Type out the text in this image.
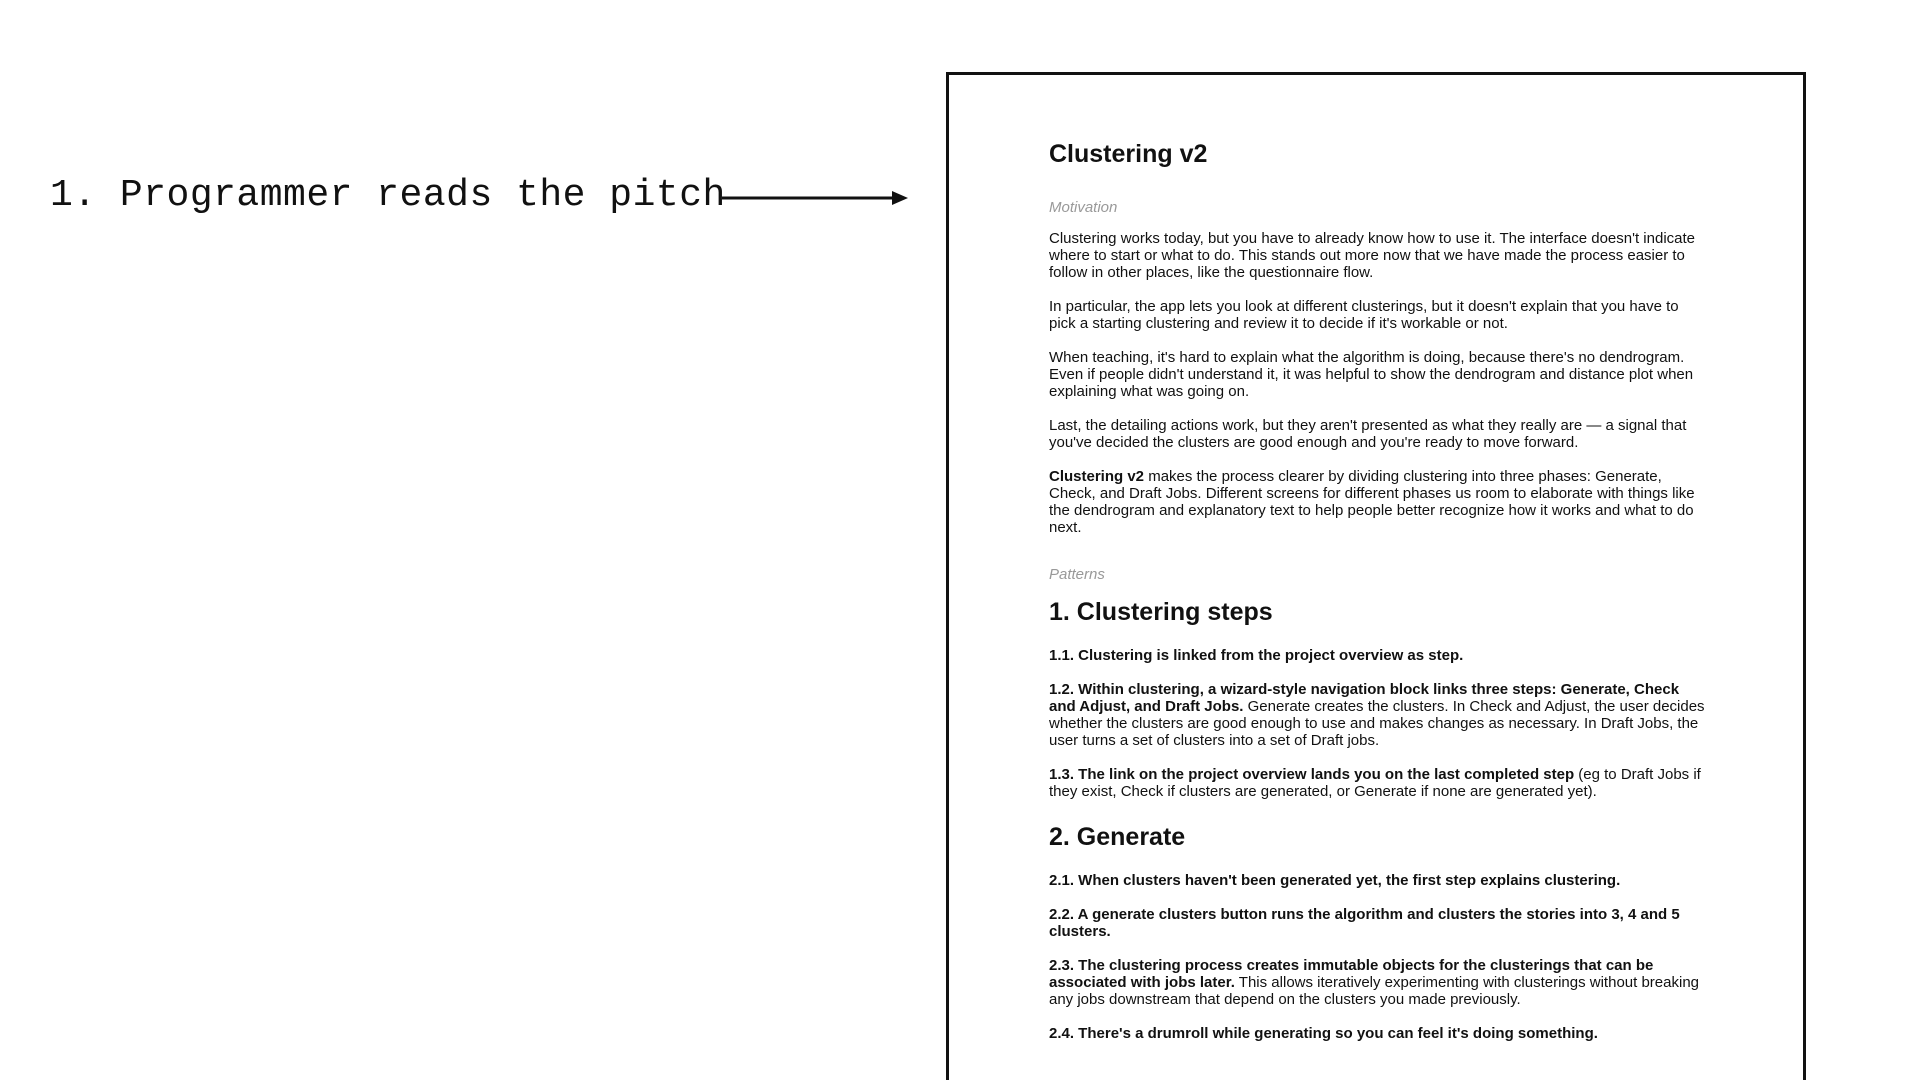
1. Programmer reads the pitch
Clustering v2
Motivation

Clustering works today, but you have to already know how to use it. The interface doesn't indicate where to start or what to do. This stands out more now that we have made the process easier to follow in other places, like the questionnaire flow.

In particular, the app lets you look at different clusterings, but it doesn't explain that you have to pick a starting clustering and review it to decide if it's workable or not.

When teaching, it's hard to explain what the algorithm is doing, because there's no dendrogram. Even if people didn't understand it, it was helpful to show the dendrogram and distance plot when explaining what was going on.

Last, the detailing actions work, but they aren't presented as what they really are — a signal that you've decided the clusters are good enough and you're ready to move forward.

Clustering v2 makes the process clearer by dividing clustering into three phases: Generate, Check, and Draft Jobs. Different screens for different phases us room to elaborate with things like the dendrogram and explanatory text to help people better recognize how it works and what to do next.

Patterns
1. Clustering steps

1.1. Clustering is linked from the project overview as step.

1.2. Within clustering, a wizard-style navigation block links three steps: Generate, Check and Adjust, and Draft Jobs. Generate creates the clusters. In Check and Adjust, the user decides whether the clusters are good enough to use and makes changes as necessary. In Draft Jobs, the user turns a set of clusters into a set of Draft jobs.

1.3. The link on the project overview lands you on the last completed step (eg to Draft Jobs if they exist, Check if clusters are generated, or Generate if none are generated yet).

2. Generate

2.1. When clusters haven't been generated yet, the first step explains clustering.

2.2. A generate clusters button runs the algorithm and clusters the stories into 3, 4 and 5 clusters.

2.3. The clustering process creates immutable objects for the clusterings that can be associated with jobs later. This allows iteratively experimenting with clusterings without breaking any jobs downstream that depend on the clusters you made previously.

2.4. There's a drumroll while generating so you can feel it's doing something.
